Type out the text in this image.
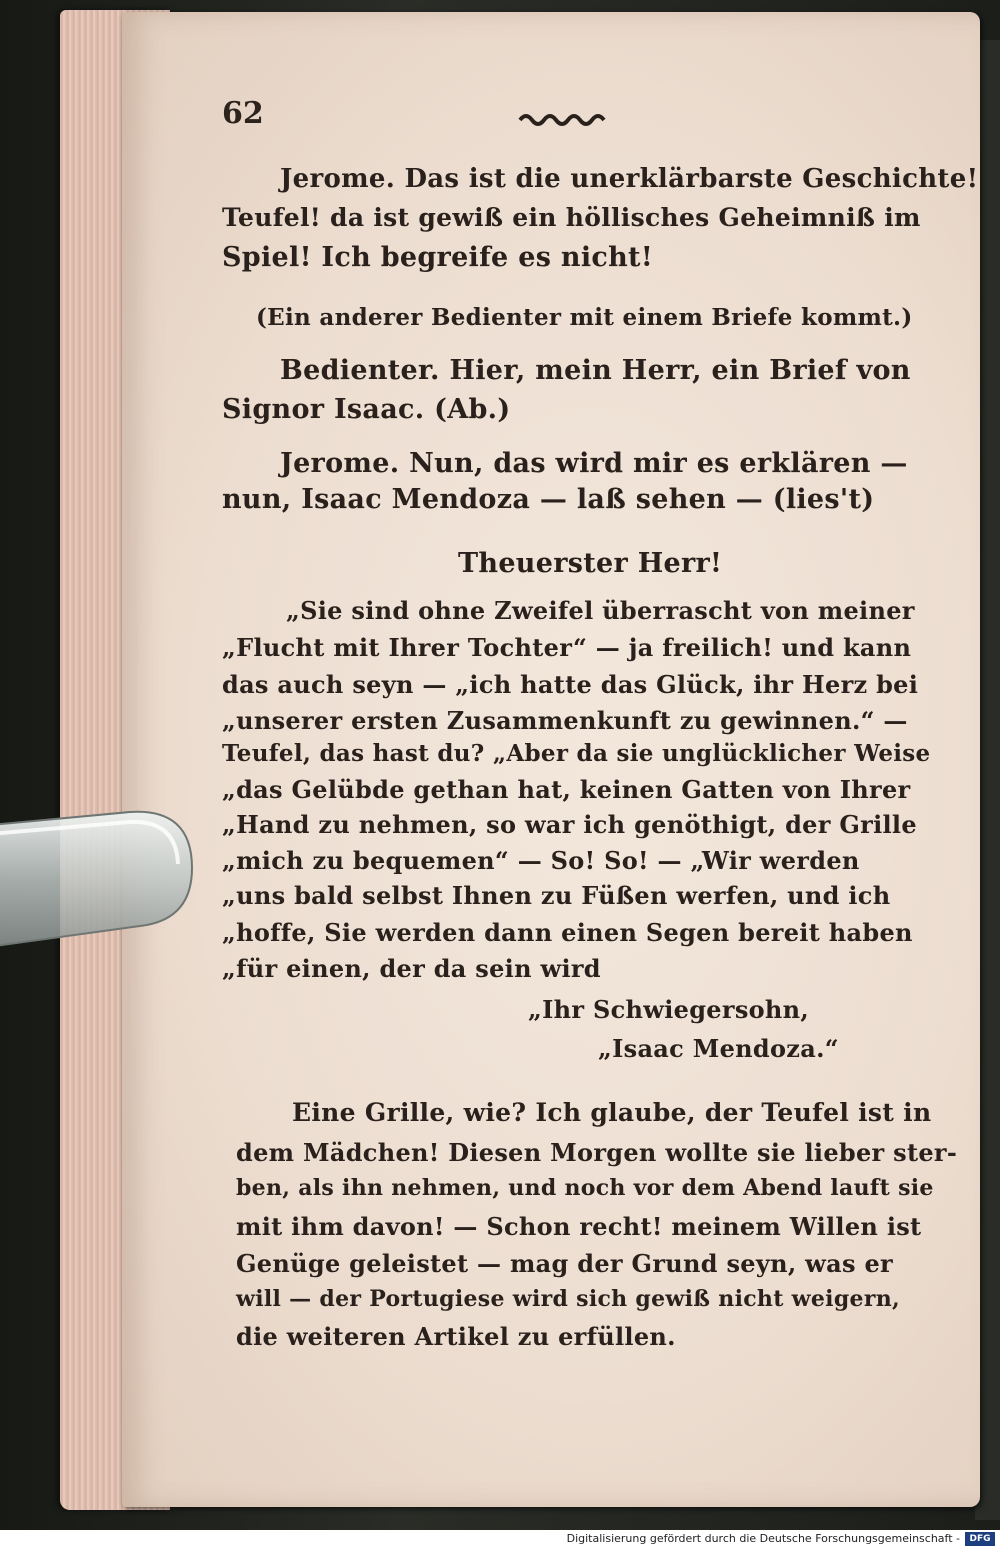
62
Jerome. Das ist die unerklärbarste Geschichte!
Teufel! da ist gewiß ein höllisches Geheimniß im
Spiel! Ich begreife es nicht!
(Ein anderer Bedienter mit einem Briefe kommt.)
Bedienter. Hier, mein Herr, ein Brief von
Signor Isaac. (Ab.)
Jerome. Nun, das wird mir es erklären —
nun, Isaac Mendoza — laß sehen — (lies't)
Theuerster Herr!
„Sie sind ohne Zweifel überrascht von meiner
„Flucht mit Ihrer Tochter“ — ja freilich! und kann
das auch seyn — „ich hatte das Glück, ihr Herz bei
„unserer ersten Zusammenkunft zu gewinnen.“ —
Teufel, das hast du? „Aber da sie unglücklicher Weise
„das Gelübde gethan hat, keinen Gatten von Ihrer
„Hand zu nehmen, so war ich genöthigt, der Grille
„mich zu bequemen“ — So! So! — „Wir werden
„uns bald selbst Ihnen zu Füßen werfen, und ich
„hoffe, Sie werden dann einen Segen bereit haben
„für einen, der da sein wird
„Ihr Schwiegersohn,
„Isaac Mendoza.“
Eine Grille, wie? Ich glaube, der Teufel ist in
dem Mädchen! Diesen Morgen wollte sie lieber ster-
ben, als ihn nehmen, und noch vor dem Abend lauft sie
mit ihm davon! — Schon recht! meinem Willen ist
Genüge geleistet — mag der Grund seyn, was er
will — der Portugiese wird sich gewiß nicht weigern,
die weiteren Artikel zu erfüllen.
Digitalisierung gefördert durch die Deutsche Forschungsgemeinschaft -	DFG
